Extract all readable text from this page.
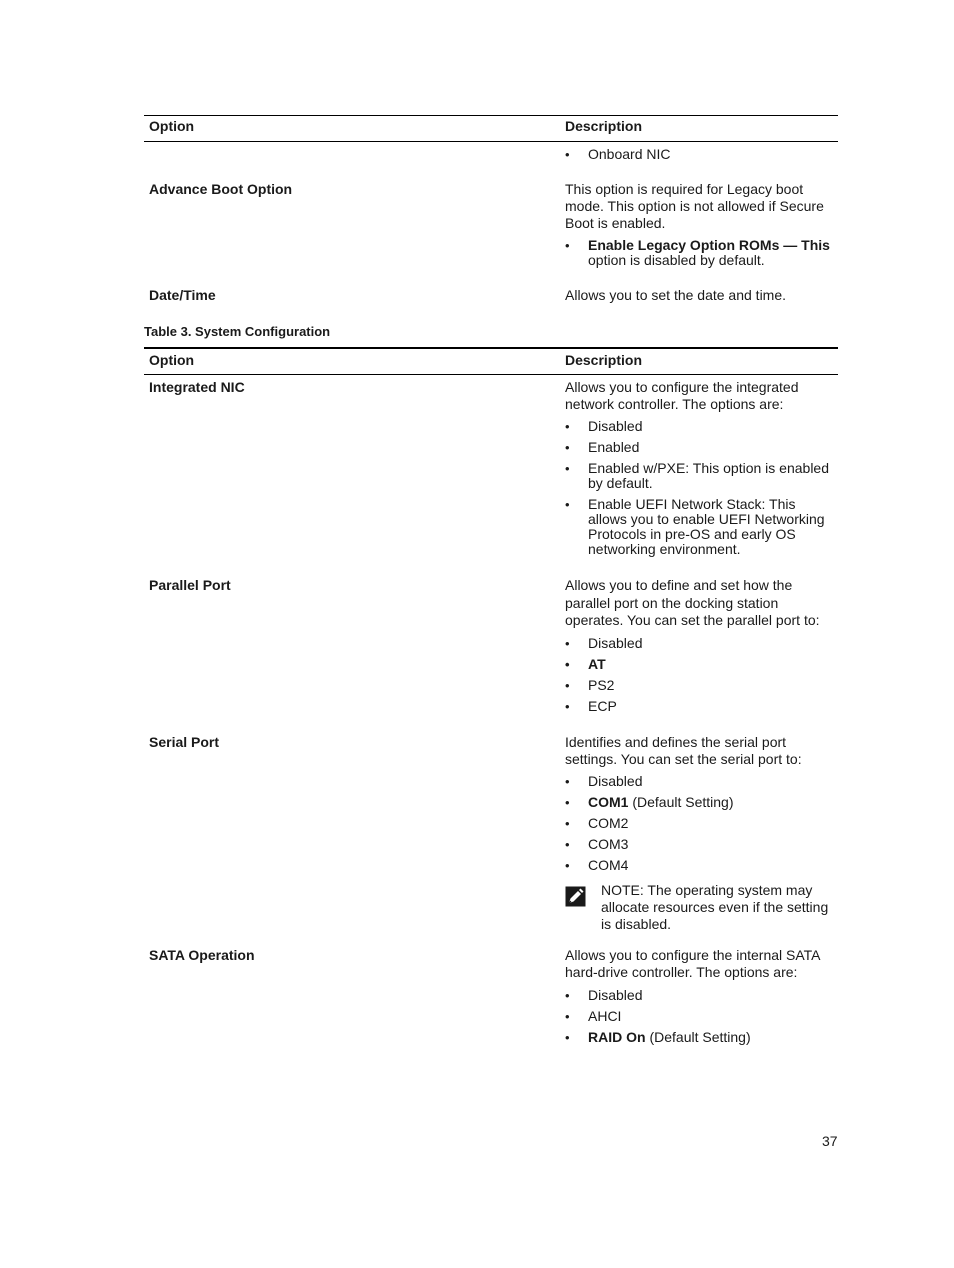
Option	Description
• Onboard NIC
Advance Boot Option	This option is required for Legacy boot mode. This option is not allowed if Secure Boot is enabled.

• Enable Legacy Option ROMs — This
option is disabled by default.
Date/Time	Allows you to set the date and time.
Table 3. System Configuration
Option	Description
Integrated NIC	Allows you to configure the integrated network controller. The options are:

• Disabled
• Enabled
• Enabled w/PXE: This option is enabled by default.
• Enable UEFI Network Stack: This allows you to enable UEFI Networking Protocols in pre-OS and early OS networking environment.
Parallel Port	Allows you to define and set how the parallel port on the docking station operates. You can set the parallel port to:

• Disabled
• AT
• PS2
• ECP
Serial Port	Identifies and defines the serial port settings. You can set the serial port to:

• Disabled
• COM1 (Default Setting)
• COM2
• COM3
• COM4
NOTE: The operating system may allocate resources even if the setting is disabled.
SATA Operation	Allows you to configure the internal SATA hard-drive controller. The options are:

• Disabled
• AHCI
• RAID On (Default Setting)
37
